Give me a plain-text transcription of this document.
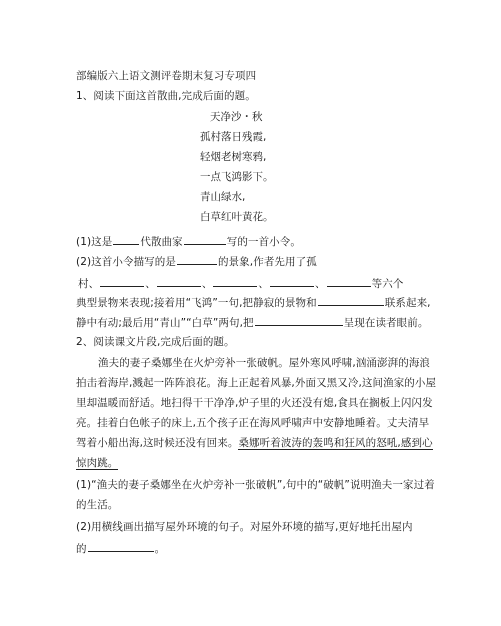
部编版六上语文测评卷期末复习专项四
1、阅读下面这首散曲,完成后面的题。
天净沙・秋
孤村落日残霞,
轻烟老树寒鸦,
一点飞鸿影下。
青山绿水,
白草红叶黄花。
(1)这是	代散曲家	写的一首小令。
(2)这首小令描写的是	的景象,作者先用了孤
村、	、	、	、	、	等六个
典型景物来表现;接着用“飞鸿”一句,把静寂的景物和	联系起来,
静中有动;最后用“青山”“白草”两句,把	呈现在读者眼前。
2、阅读课文片段,完成后面的题。
渔夫的妻子桑娜坐在火炉旁补一张破帆。屋外寒风呼啸,汹涌澎湃的海浪
拍击着海岸,溅起一阵阵浪花。海上正起着风暴,外面又黑又冷,这间渔家的小屋
里却温暖而舒适。地扫得干干净净,炉子里的火还没有熄,食具在搁板上闪闪发
亮。挂着白色帐子的床上,五个孩子正在海风呼啸声中安静地睡着。丈夫清早
驾着小船出海,这时候还没有回来。桑娜听着波涛的轰鸣和狂风的怒吼,感到心
惊肉跳。
(1)“渔夫的妻子桑娜坐在火炉旁补一张破帆”,句中的“破帆”说明渔夫一家过着
的生活。
(2)用横线画出描写屋外环境的句子。对屋外环境的描写,更好地托出屋内
的	。
